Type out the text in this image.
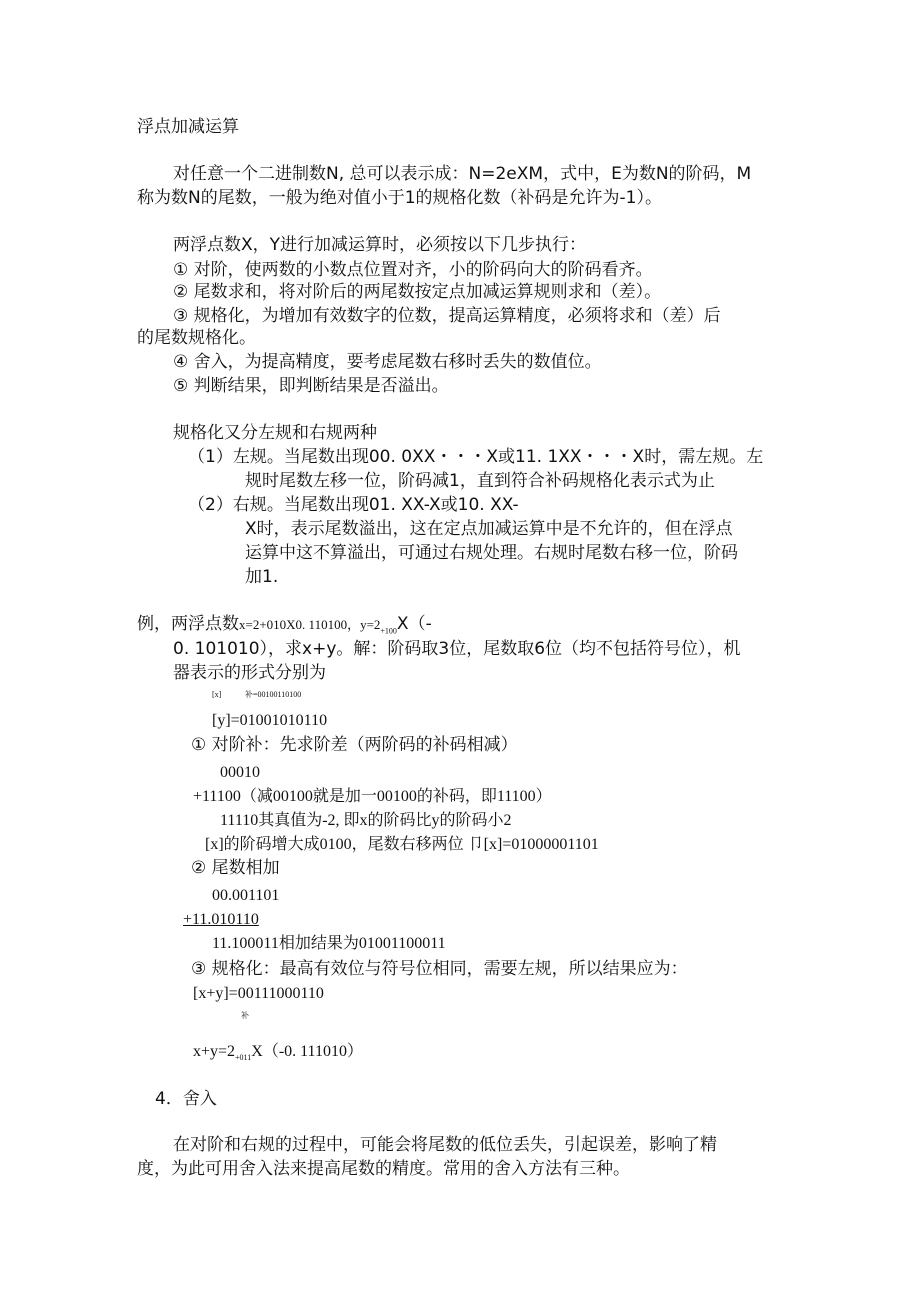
浮点加减运算
对任意一个二进制数N, 总可以表示成：N=2eXM，式中，E为数N的阶码，M
称为数N的尾数，一般为绝对值小于1的规格化数（补码是允许为-1）。
两浮点数X，Y进行加减运算时，必须按以下几步执行：
① 对阶，使两数的小数点位置对齐，小的阶码向大的阶码看齐。
② 尾数求和，将对阶后的两尾数按定点加减运算规则求和（差）。
③ 规格化，为增加有效数字的位数，提高运算精度，必须将求和（差）后
的尾数规格化。
④ 舍入，为提高精度，要考虑尾数右移时丢失的数值位。
⑤ 判断结果，即判断结果是否溢出。
规格化又分左规和右规两种
（1）左规。当尾数出现00. 0XX・・・X或11. 1XX・・・X时，需左规。左
规时尾数左移一位，阶码减1，直到符合补码规格化表示式为止
（2）右规。当尾数出现01. XX-X或10. XX-
X时，表示尾数溢出，这在定点加减运算中是不允许的，但在浮点
运算中这不算溢出，可通过右规处理。右规时尾数右移一位，阶码
加1.
例，两浮点数x=2+010X0. 110100，$y=2_{+100}X(-$
0. 101010），求x+y。解：阶码取3位，尾数取6位（均不包括符号位），机
器表示的形式分别为
[x]	补=00100110100
[y]=01001010110
① 对阶补：先求阶差（两阶码的补码相减）
00010
+11100（减00100就是加一00100的补码，即11100）
11110其真值为-2, 即x的阶码比y的阶码小2
[x]的阶码增大成0100，尾数右移两位 卩[x]=01000001101
② 尾数相加
00.001101
+11.010110
11.100011相加结果为01001100011
③ 规格化：最高有效位与符号位相同，需要左规，所以结果应为：
[x+y]=00111000110
补
$x+y=2_{+011}X(-0$. 111010）
4．舍入
在对阶和右规的过程中，可能会将尾数的低位丢失，引起误差，影响了精
度，为此可用舍入法来提高尾数的精度。常用的舍入方法有三种。
